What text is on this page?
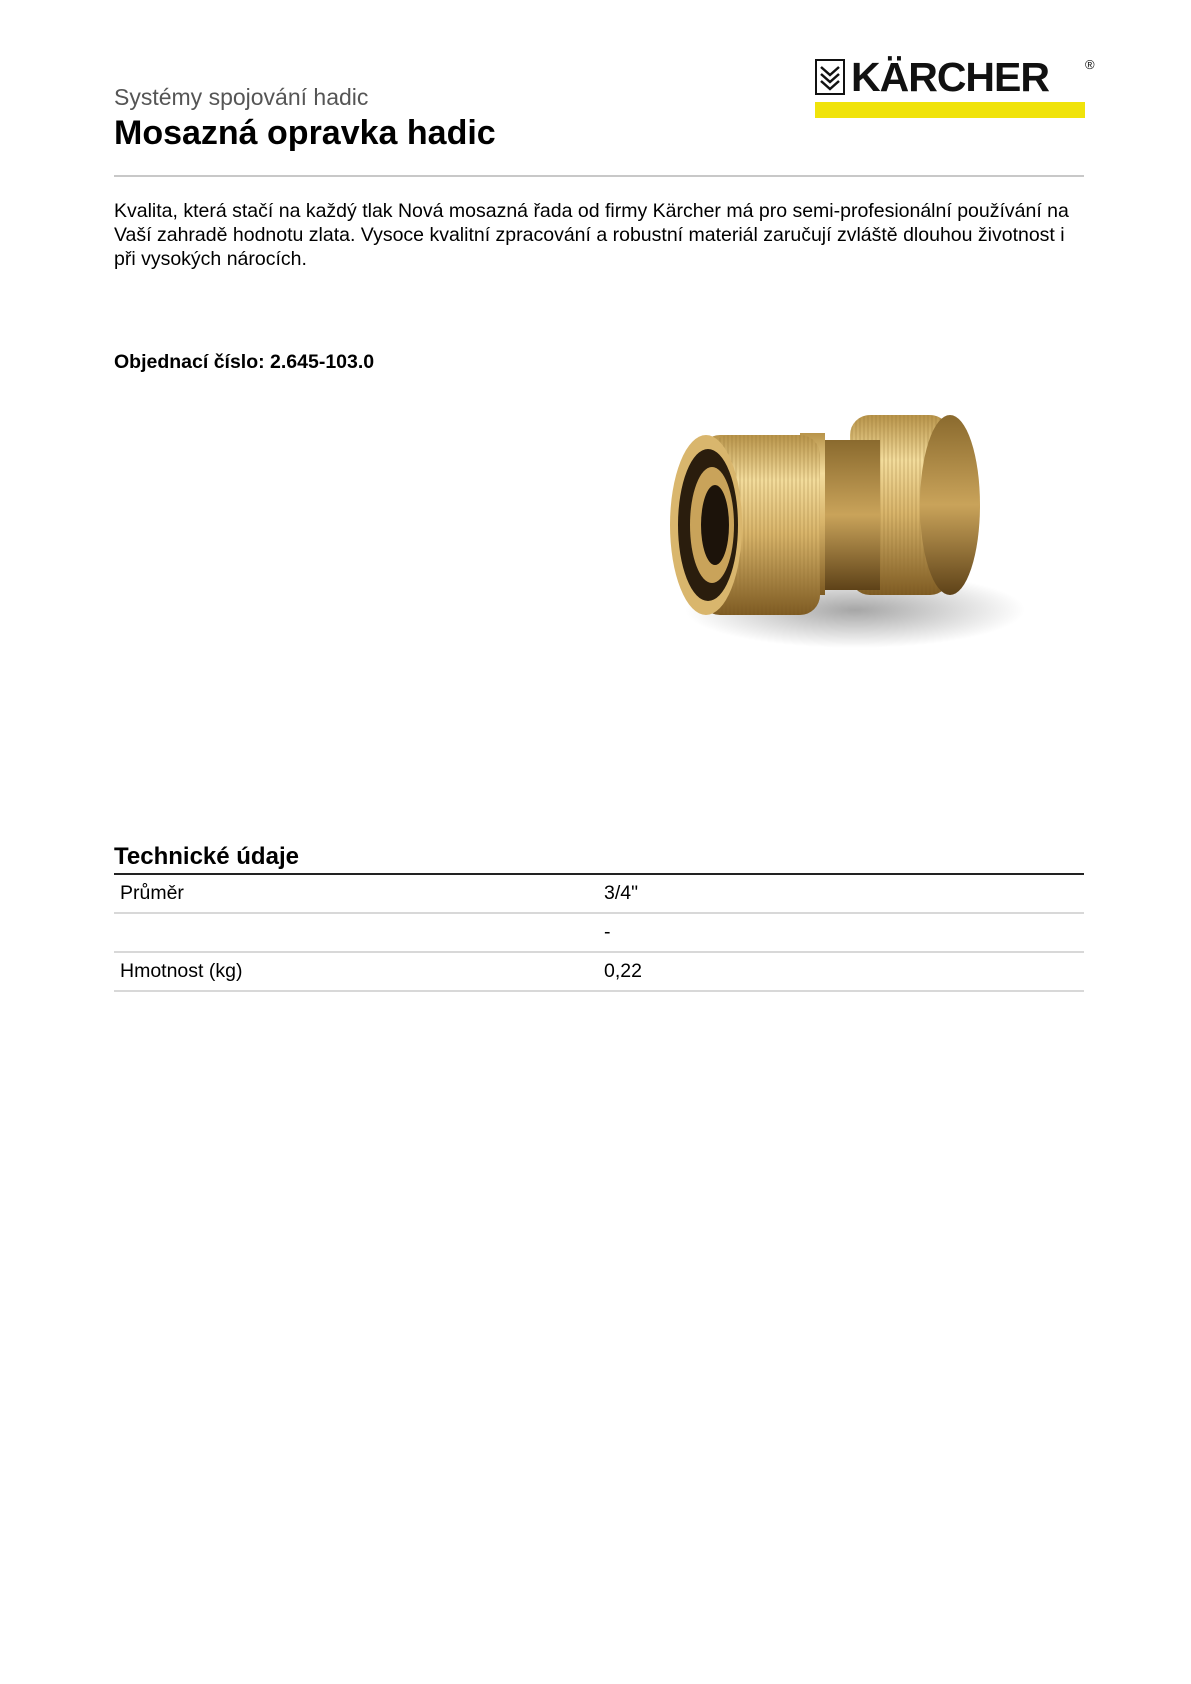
Systémy spojování hadic
Mosazná opravka hadic
KÄRCHER	®

Kvalita, která stačí na každý tlak Nová mosazná řada od firmy Kärcher má pro semi-profesionální používání na Vaší zahradě hodnotu zlata. Vysoce kvalitní zpracování a robustní materiál zaručují zvláště dlouhou životnost i při vysokých nárocích.

Objednací číslo: 2.645-103.0
Technické údaje
Průměr	3/4"
	-
Hmotnost (kg)	0,22
